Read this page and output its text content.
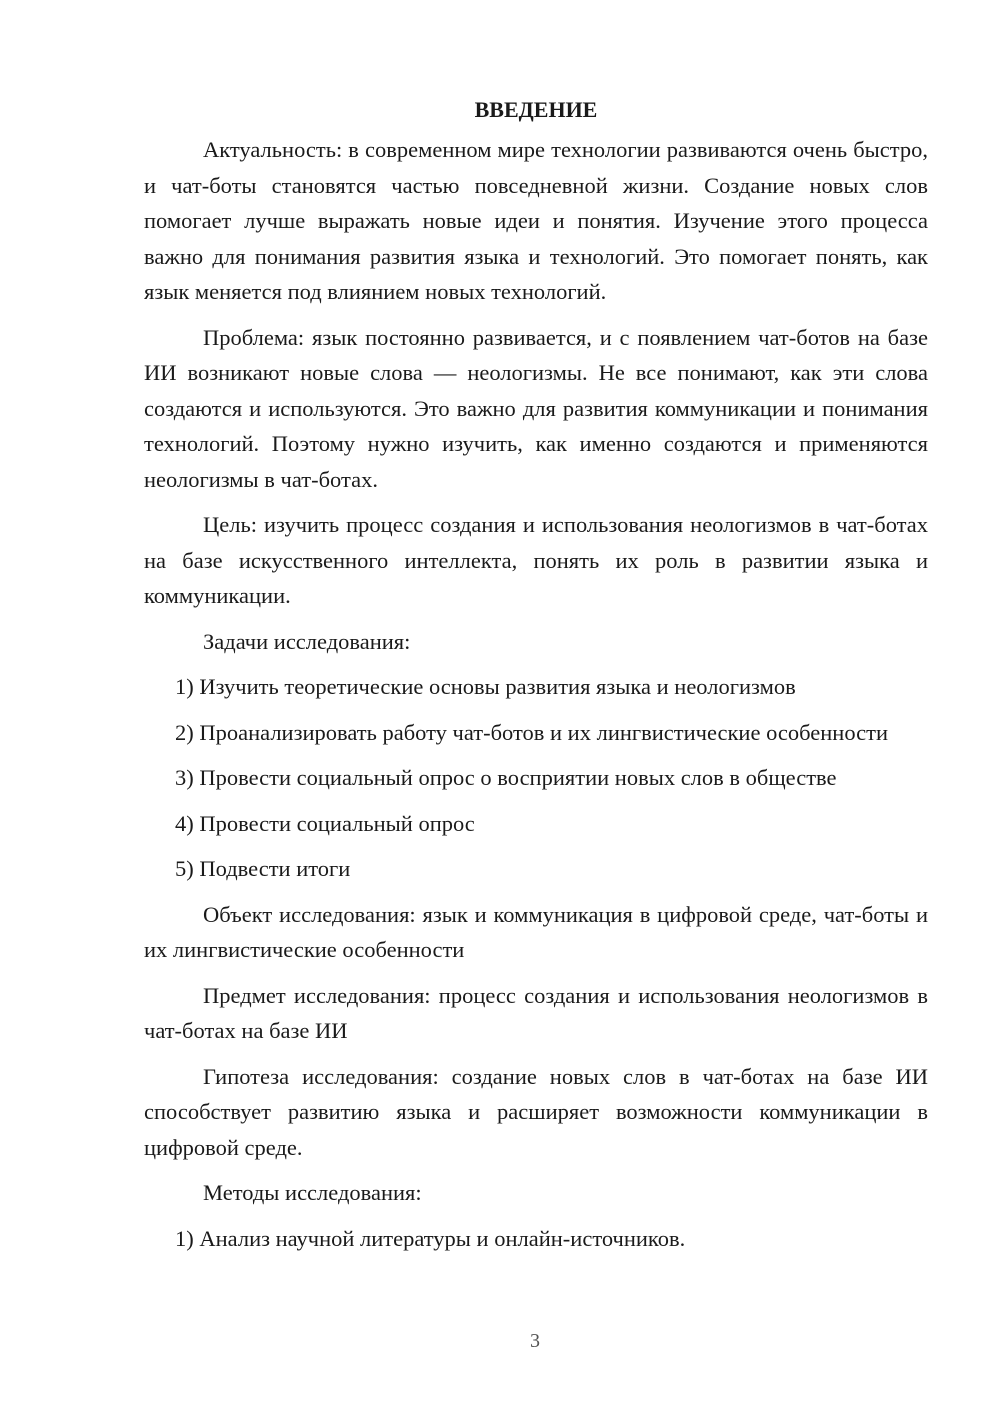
ВВЕДЕНИЕ

Актуальность: в современном мире технологии развиваются очень быстро, и чат-боты становятся частью повседневной жизни. Создание новых слов помогает лучше выражать новые идеи и понятия. Изучение этого процесса важно для понимания развития языка и технологий. Это помогает понять, как язык меняется под влиянием новых технологий.

Проблема: язык постоянно развивается, и с появлением чат-ботов на базе ИИ возникают новые слова — неологизмы. Не все понимают, как эти слова создаются и используются. Это важно для развития коммуникации и понимания технологий. Поэтому нужно изучить, как именно создаются и применяются неологизмы в чат-ботах.

Цель: изучить процесс создания и использования неологизмов в чат-ботах на базе искусственного интеллекта, понять их роль в развитии языка и коммуникации.

Задачи исследования:

1) Изучить теоретические основы развития языка и неологизмов

2) Проанализировать работу чат-ботов и их лингвистические особенности

3) Провести социальный опрос о восприятии новых слов в обществе

4) Провести социальный опрос

5) Подвести итоги

Объект исследования: язык и коммуникация в цифровой среде, чат-боты и их лингвистические особенности

Предмет исследования: процесс создания и использования неологизмов в чат-ботах на базе ИИ

Гипотеза исследования: создание новых слов в чат-ботах на базе ИИ способствует развитию языка и расширяет возможности коммуникации в цифровой среде.

Методы исследования:

1) Анализ научной литературы и онлайн-источников.

3
